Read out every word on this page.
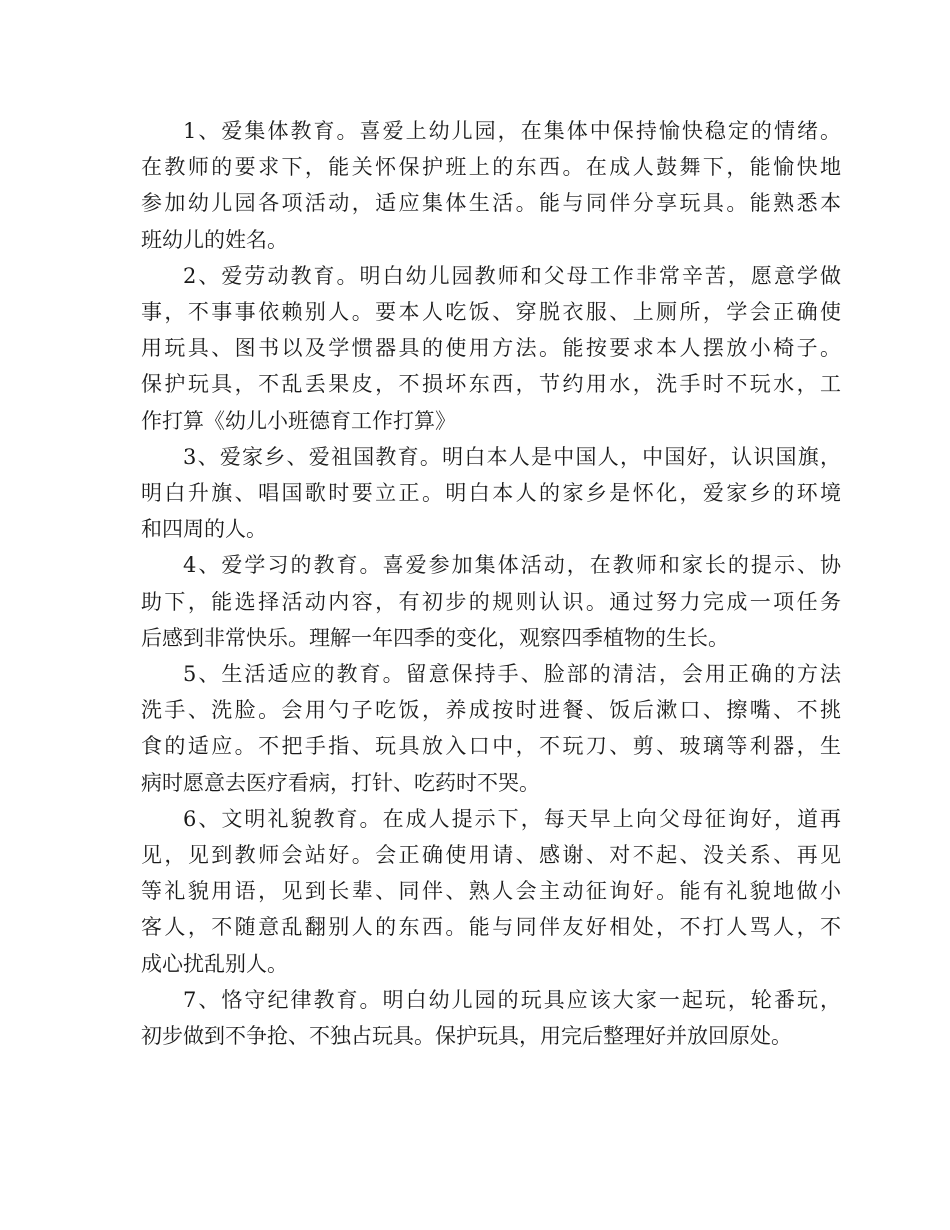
1、爱集体教育。喜爱上幼儿园，在集体中保持愉快稳定的情绪。
在教师的要求下，能关怀保护班上的东西。在成人鼓舞下，能愉快地
参加幼儿园各项活动，适应集体生活。能与同伴分享玩具。能熟悉本
班幼儿的姓名。

2、爱劳动教育。明白幼儿园教师和父母工作非常辛苦，愿意学做
事，不事事依赖别人。要本人吃饭、穿脱衣服、上厕所，学会正确使
用玩具、图书以及学惯器具的使用方法。能按要求本人摆放小椅子。
保护玩具，不乱丢果皮，不损坏东西，节约用水，洗手时不玩水，工
作打算《幼儿小班德育工作打算》

3、爱家乡、爱祖国教育。明白本人是中国人，中国好，认识国旗，
明白升旗、唱国歌时要立正。明白本人的家乡是怀化，爱家乡的环境
和四周的人。

4、爱学习的教育。喜爱参加集体活动，在教师和家长的提示、协
助下，能选择活动内容，有初步的规则认识。通过努力完成一项任务
后感到非常快乐。理解一年四季的变化，观察四季植物的生长。

5、生活适应的教育。留意保持手、脸部的清洁，会用正确的方法
洗手、洗脸。会用勺子吃饭，养成按时进餐、饭后漱口、擦嘴、不挑
食的适应。不把手指、玩具放入口中，不玩刀、剪、玻璃等利器，生
病时愿意去医疗看病，打针、吃药时不哭。

6、文明礼貌教育。在成人提示下，每天早上向父母征询好，道再
见，见到教师会站好。会正确使用请、感谢、对不起、没关系、再见
等礼貌用语，见到长辈、同伴、熟人会主动征询好。能有礼貌地做小
客人，不随意乱翻别人的东西。能与同伴友好相处，不打人骂人，不
成心扰乱别人。

7、恪守纪律教育。明白幼儿园的玩具应该大家一起玩，轮番玩，
初步做到不争抢、不独占玩具。保护玩具，用完后整理好并放回原处。
